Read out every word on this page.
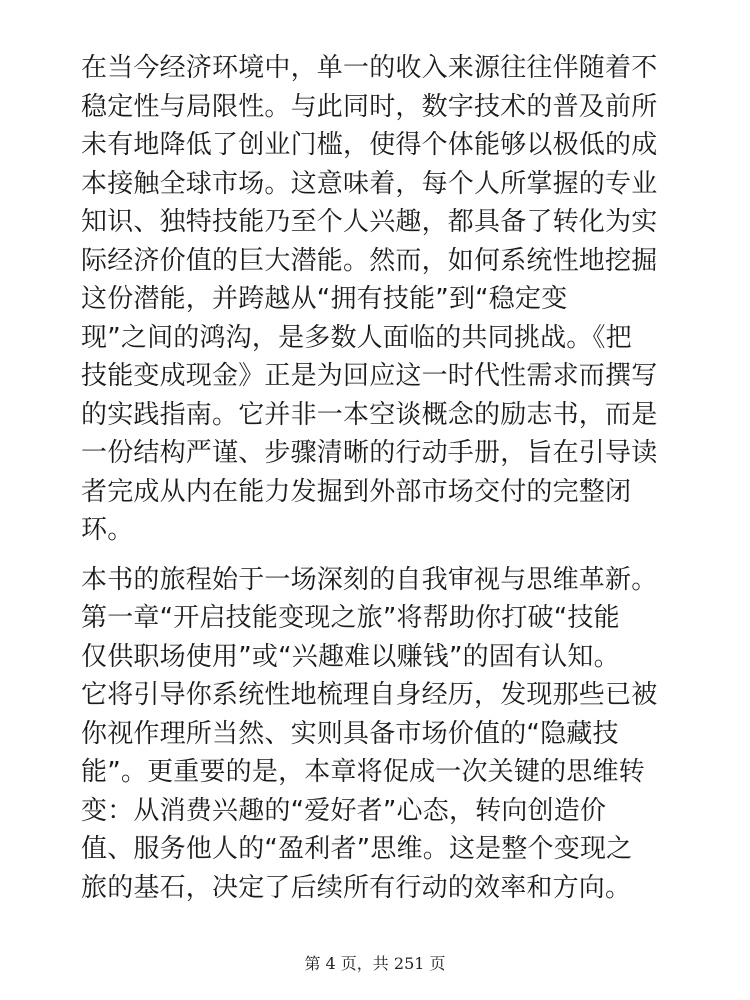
在当今经济环境中，单一的收入来源往往伴随着不
稳定性与局限性。与此同时，数字技术的普及前所
未有地降低了创业门槛，使得个体能够以极低的成
本接触全球市场。这意味着，每个人所掌握的专业
知识、独特技能乃至个人兴趣，都具备了转化为实
际经济价值的巨大潜能。然而，如何系统性地挖掘
这份潜能，并跨越从“拥有技能”到“稳定变
现”之间的鸿沟，是多数人面临的共同挑战。《把
技能变成现金》正是为回应这一时代性需求而撰写
的实践指南。它并非一本空谈概念的励志书，而是
一份结构严谨、步骤清晰的行动手册，旨在引导读
者完成从内在能力发掘到外部市场交付的完整闭
环。

本书的旅程始于一场深刻的自我审视与思维革新。
第一章“开启技能变现之旅”将帮助你打破“技能
仅供职场使用”或“兴趣难以赚钱”的固有认知。
它将引导你系统性地梳理自身经历，发现那些已被
你视作理所当然、实则具备市场价值的“隐藏技
能”。更重要的是，本章将促成一次关键的思维转
变：从消费兴趣的“爱好者”心态，转向创造价
值、服务他人的“盈利者”思维。这是整个变现之
旅的基石，决定了后续所有行动的效率和方向。

第 4 页，共 251 页
